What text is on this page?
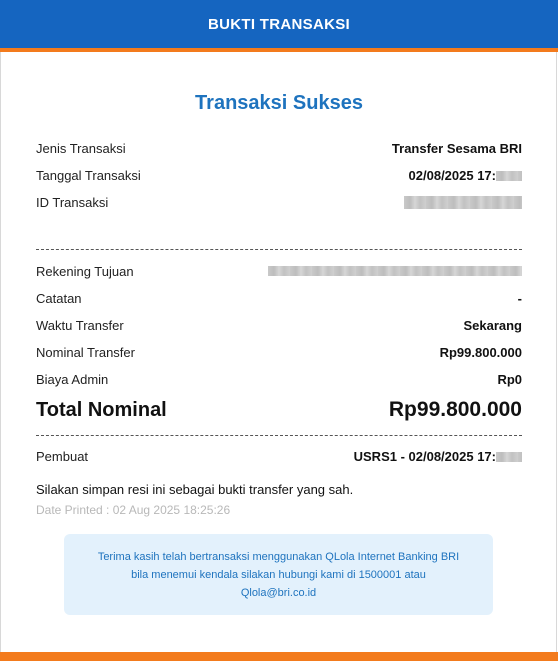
BUKTI TRANSAKSI
Transaksi Sukses
Jenis Transaksi	Transfer Sesama BRI
Tanggal Transaksi	02/08/2025 17:
ID Transaksi
Rekening Tujuan
Catatan	-
Waktu Transfer	Sekarang
Nominal Transfer	Rp99.800.000
Biaya Admin	Rp0
Total Nominal	Rp99.800.000
Pembuat	USRS1 - 02/08/2025 17:
Silakan simpan resi ini sebagai bukti transfer yang sah.
Date Printed : 02 Aug 2025 18:25:26
Terima kasih telah bertransaksi menggunakan QLola Internet Banking BRI
bila menemui kendala silakan hubungi kami di 1500001 atau
Qlola@bri.co.id
